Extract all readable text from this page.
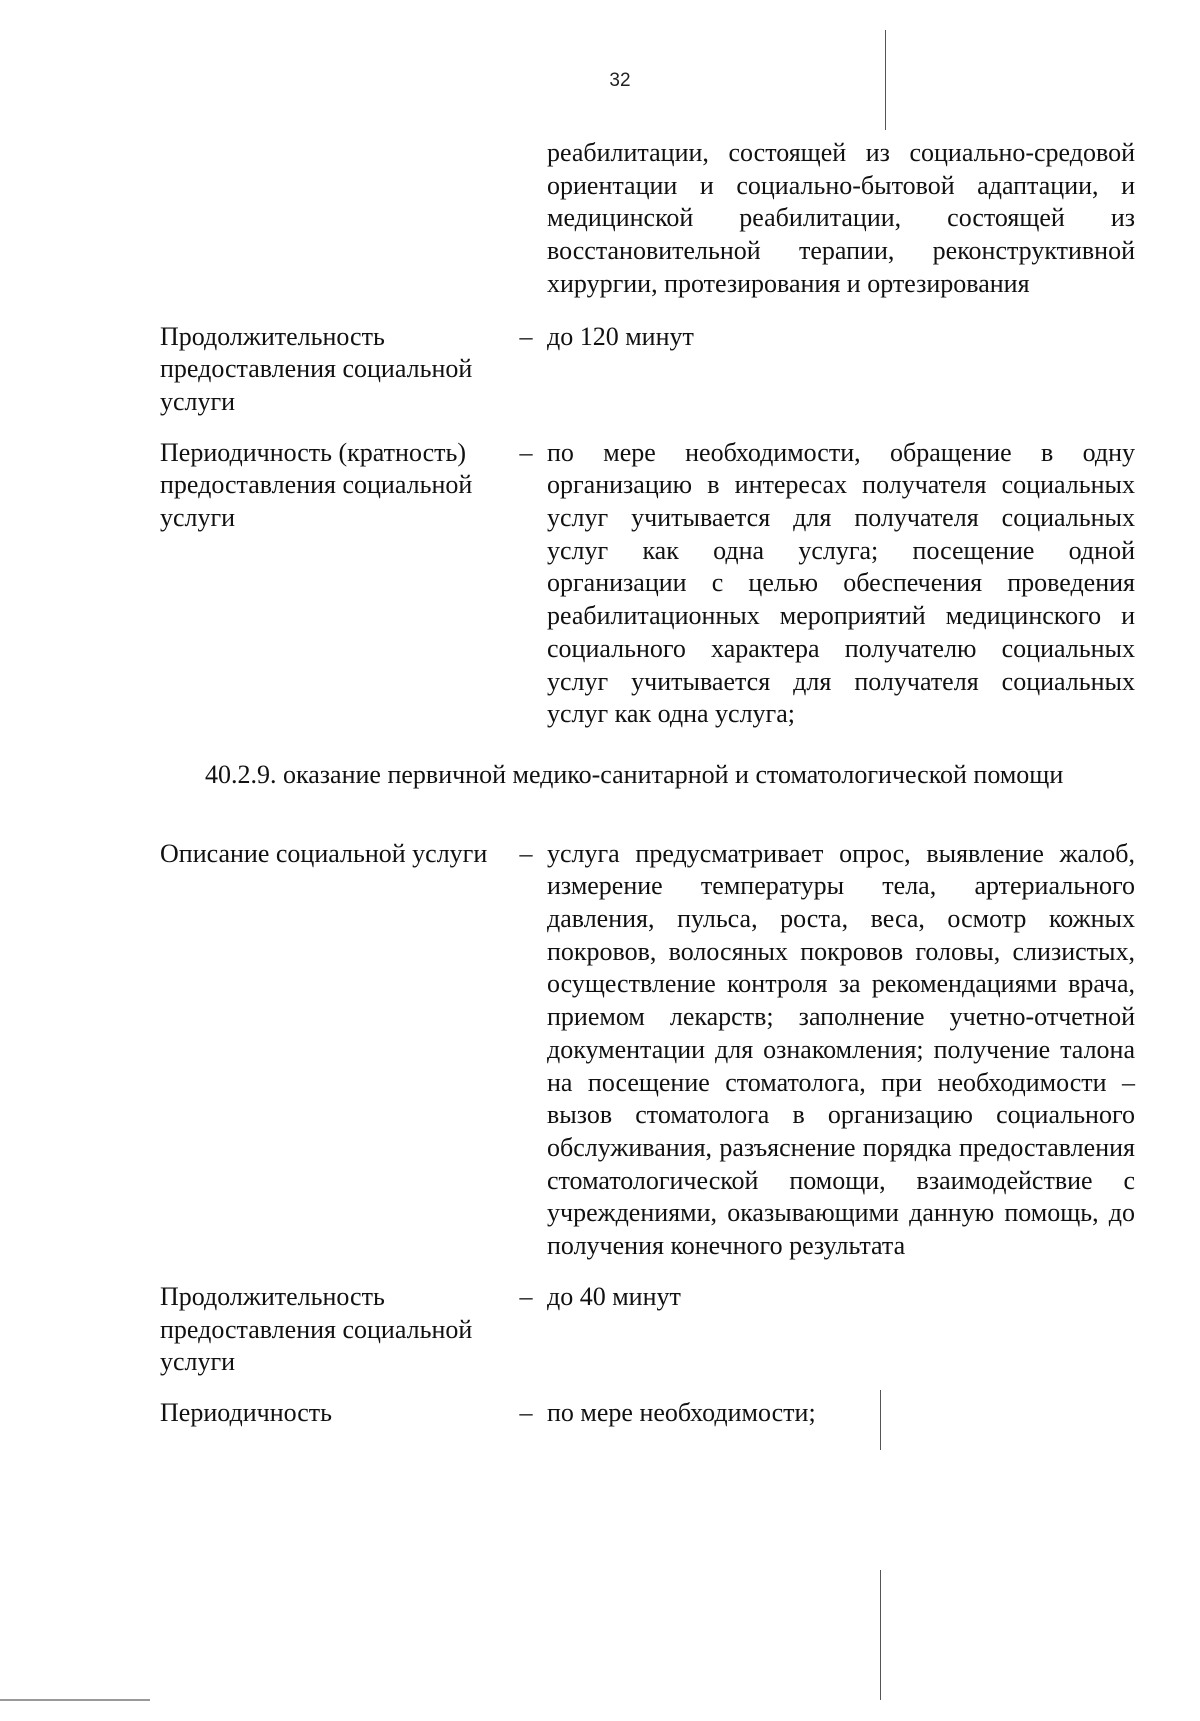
32
реабилитации, состоящей из социально-средовой ориентации и социально-бытовой адаптации, и медицинской реабилитации, состоящей из восстановительной терапии, реконструктивной хирургии, протезирования и ортезирования
Продолжительность предоставления социальной услуги
– до 120 минут
Периодичность (кратность) предоставления социальной услуги
– по мере необходимости, обращение в одну организацию в интересах получателя социальных услуг учитывается для получателя социальных услуг как одна услуга; посещение одной организации с целью обеспечения проведения реабилитационных мероприятий медицинского и социального характера получателю социальных услуг учитывается для получателя социальных услуг как одна услуга;
40.2.9. оказание первичной медико-санитарной и стоматологической помощи
Описание социальной услуги	– услуга предусматривает опрос, выявление жалоб, измерение температуры тела, артериального давления, пульса, роста, веса, осмотр кожных покровов, волосяных покровов головы, слизистых, осуществление контроля за рекомендациями врача, приемом лекарств; заполнение учетно-отчетной документации для ознакомления; получение талона на посещение стоматолога, при необходимости – вызов стоматолога в организацию социального обслуживания, разъяснение порядка предоставления стоматологической помощи, взаимодействие с учреждениями, оказывающими данную помощь, до получения конечного результата
Продолжительность предоставления социальной услуги
– до 40 минут
Периодичность	– по мере необходимости;
